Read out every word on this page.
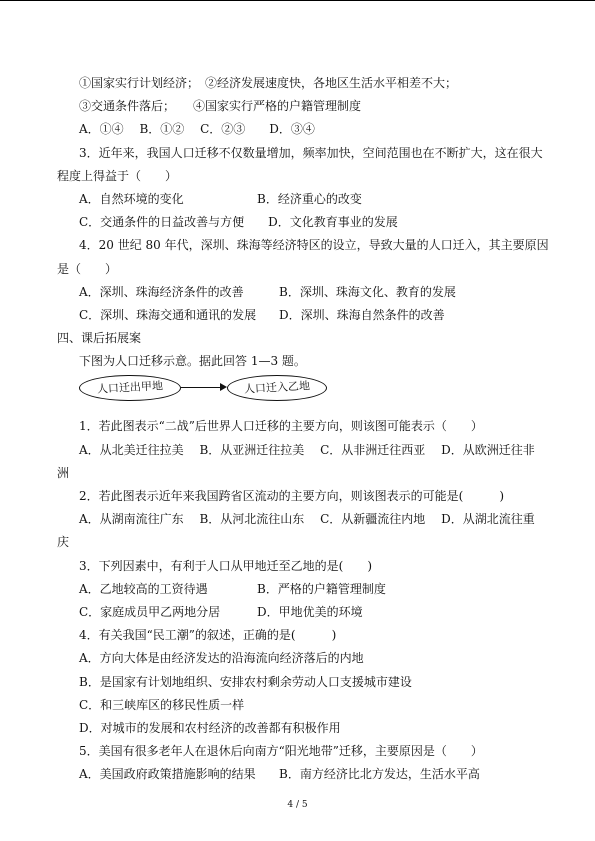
①国家实行计划经济；　②经济发展速度快，各地区生活水平相差不大；
③交通条件落后；　　④国家实行严格的户籍管理制度
A．①④　 B．①②　 C．②③　　D．③④
3．近年来，我国人口迁移不仅数量增加，频率加快，空间范围也在不断扩大，这在很大
程度上得益于（　　）
A．自然环境的变化	B．经济重心的改变
C．交通条件的日益改善与方便　　D．文化教育事业的发展
4．20 世纪 80 年代，深圳、珠海等经济特区的设立，导致大量的人口迁入，其主要原因
是（　　）
A．深圳、珠海经济条件的改善	B．深圳、珠海文化、教育的发展
C．深圳、珠海交通和通讯的发展 D．深圳、珠海自然条件的改善
四、课后拓展案
下图为人口迁移示意。据此回答 1—3 题。
人口迁出甲地	人口迁入乙地
1．若此图表示“二战”后世界人口迁移的主要方向，则该图可能表示（　　）
A．从北美迁往拉美　 B．从亚洲迁往拉美　 C．从非洲迁往西亚　 D．从欧洲迁往非
洲
2．若此图表示近年来我国跨省区流动的主要方向，则该图表示的可能是(　　　)
A．从湖南流往广东　 B．从河北流往山东　 C．从新疆流往内地　 D．从湖北流往重
庆
3．下列因素中，有利于人口从甲地迁至乙地的是(　　)
A．乙地较高的工资待遇	B．严格的户籍管理制度
C．家庭成员甲乙两地分居	D．甲地优美的环境
4．有关我国“民工潮”的叙述，正确的是(　　　)
A．方向大体是由经济发达的沿海流向经济落后的内地
B．是国家有计划地组织、安排农村剩余劳动人口支援城市建设
C．和三峡库区的移民性质一样
D．对城市的发展和农村经济的改善都有积极作用
5．美国有很多老年人在退休后向南方“阳光地带”迁移，主要原因是（　　）
A．美国政府政策措施影响的结果 B．南方经济比北方发达，生活水平高
4 / 5
